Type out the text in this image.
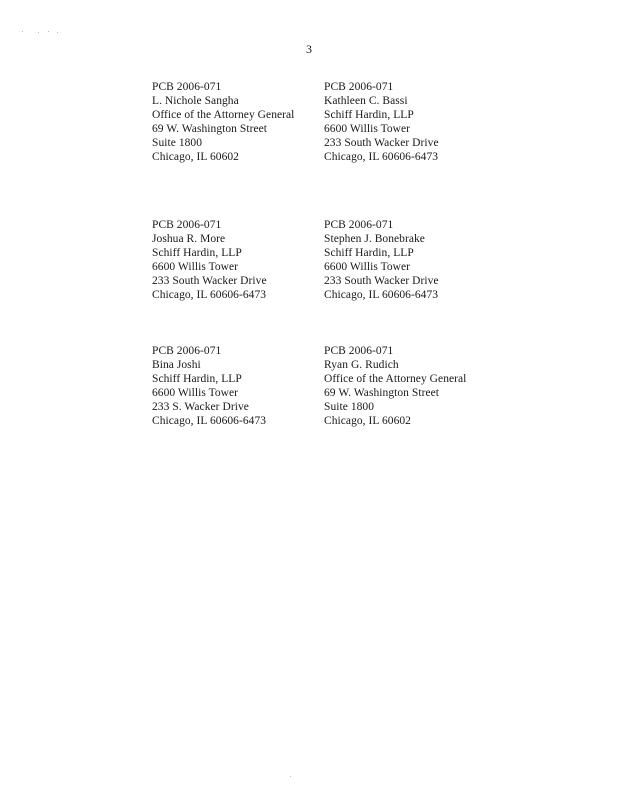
3
PCB 2006-071
L. Nichole Sangha
Office of the Attorney General
69 W. Washington Street
Suite 1800
Chicago, IL 60602
PCB 2006-071
Kathleen C. Bassi
Schiff Hardin, LLP
6600 Willis Tower
233 South Wacker Drive
Chicago, IL 60606-6473
PCB 2006-071
Joshua R. More
Schiff Hardin, LLP
6600 Willis Tower
233 South Wacker Drive
Chicago, IL 60606-6473
PCB 2006-071
Stephen J. Bonebrake
Schiff Hardin, LLP
6600 Willis Tower
233 South Wacker Drive
Chicago, IL 60606-6473
PCB 2006-071
Bina Joshi
Schiff Hardin, LLP
6600 Willis Tower
233 S. Wacker Drive
Chicago, IL 60606-6473
PCB 2006-071
Ryan G. Rudich
Office of the Attorney General
69 W. Washington Street
Suite 1800
Chicago, IL 60602
